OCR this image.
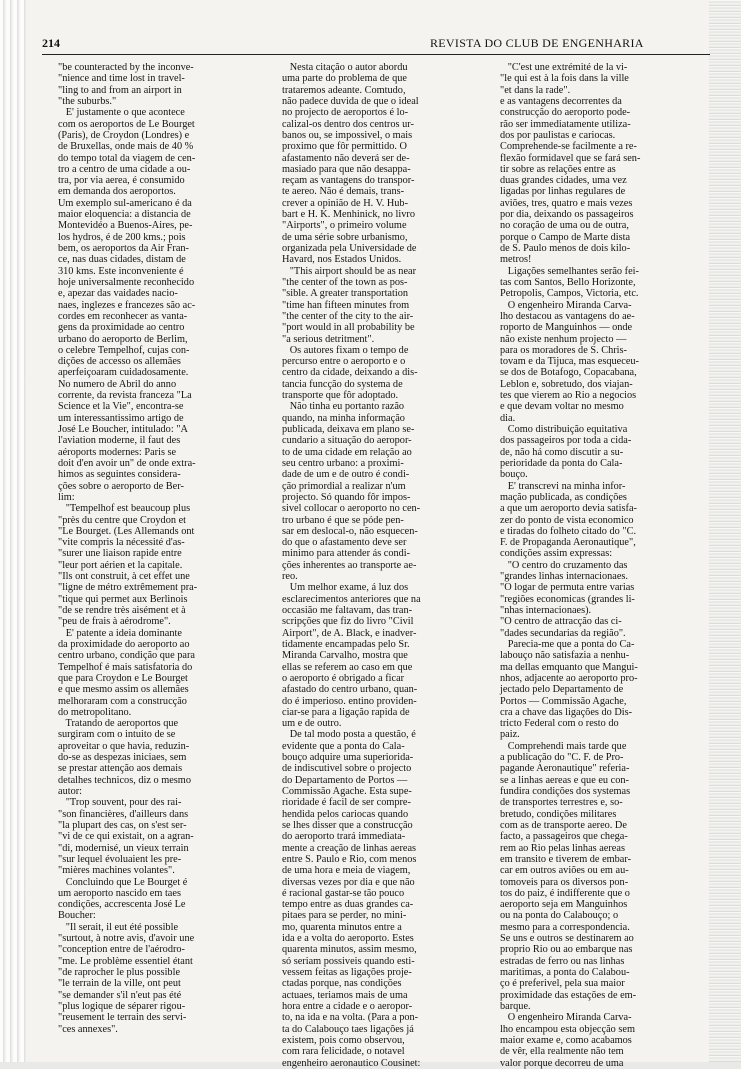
214	REVISTA DO CLUB DE ENGENHARIA

"be counteracted by the inconve-
"nience and time lost in travel-
"ling to and from an airport in
"the suburbs."

E' justamente o que acontece
com os aeroportos de Le Bourget
(Paris), de Croydon (Londres) e
de Bruxellas, onde mais de 40 %
do tempo total da viagem de cen-
tro a centro de uma cidade a ou-
tra, por via aerea, é consumido
em demanda dos aeroportos.
Um exemplo sul-americano é da
maior eloquencia: a distancia de
Montevidéo a Buenos-Aires, pe-
los hydros, é de 200 kms.; pois
bem, os aeroportos da Air Fran-
ce, nas duas cidades, distam de
310 kms. Este inconveniente é
hoje universalmente reconhecido
e, apezar das vaidades nacio-
naes, inglezes e francezes são ac-
cordes em reconhecer as vanta-
gens da proximidade ao centro
urbano do aeroporto de Berlim,
o celebre Tempelhof, cujas con-
dições de accesso os allemães
aperfeiçoaram cuidadosamente.
No numero de Abril do anno
corrente, da revista franceza "La
Science et la Vie", encontra-se
um interessantissimo artigo de
José Le Boucher, intitulado: "A
l'aviation moderne, il faut des
aéroports modernes: Paris se
doit d'en avoir un" de onde extra-
himos as seguintes considera-
ções sobre o aeroporto de Ber-
lim:

"Tempelhof est beaucoup plus
"près du centre que Croydon et
"Le Bourget. (Les Allemands ont
"vite compris la nécessité d'as-
"surer une liaison rapide entre
"leur port aérien et la capitale.
"Ils ont construit, à cet effet une
"ligne de métro extrêmement pra-
"tique qui permet aux Berlinois
"de se rendre très aisément et à
"peu de frais à aérodrome".

E' patente a ideia dominante
da proximidade do aeroporto ao
centro urbano, condição que para
Tempelhof é mais satisfatoria do
que para Croydon e Le Bourget
e que mesmo assim os allemães
melhoraram com a construcção
do metropolitano.

Tratando de aeroportos que
surgiram com o intuito de se
aproveitar o que havia, reduzin-
do-se as despezas iniciaes, sem
se prestar attenção aos demais
detalhes technicos, diz o mesmo
autor:

"Trop souvent, pour des rai-
"son financières, d'ailleurs dans
"la plupart des cas, on s'est ser-
"vi de ce qui existait, on a agran-
"di, modernisé, un vieux terrain
"sur lequel évoluaient les pre-
"mières machines volantes".

Concluindo que Le Bourget é
um aeroporto nascido em taes
condições, accrescenta José Le
Boucher:

"Il serait, il eut été possible
"surtout, à notre avis, d'avoir une
"conception entre de l'aérodro-
"me. Le problème essentiel étant
"de raprocher le plus possible
"le terrain de la ville, ont peut
"se demander s'il n'eut pas été
"plus logique de séparer rigou-
"reusement le terrain des servi-
"ces annexes".

Nesta citação o autor abordu
uma parte do problema de que
trataremos adeante. Comtudo,
não padece duvida de que o ideal
no projecto de aeroportos é lo-
calizal-os dentro dos centros ur-
banos ou, se impossivel, o mais
proximo que fôr permittido. O
afastamento não deverá ser de-
masiado para que não desappa-
reçam as vantagens do transpor-
te aereo. Não é demais, trans-
crever a opinião de H. V. Hub-
bart e H. K. Menhinick, no livro
"Airports", o primeiro volume
de uma série sobre urbanismo,
organizada pela Universidade de
Havard, nos Estados Unidos.

"This airport should be as near
"the center of the town as pos-
"sible. A greater transportation
"time han fifteen minutes from
"the center of the city to the air-
"port would in all probability be
"a serious detritment".

Os autores fixam o tempo de
percurso entre o aeroporto e o
centro da cidade, deixando a dis-
tancia funcção do systema de
transporte que fôr adoptado.

Não tinha eu portanto razão
quando, na minha informação
publicada, deixava em plano se-
cundario a situação do aeropor-
to de uma cidade em relação ao
seu centro urbano: a proximi-
dade de um e de outro é condi-
ção primordial a realizar n'um
projecto. Só quando fôr impos-
sivel collocar o aeroporto no cen-
tro urbano é que se póde pen-
sar em deslocal-o, não esquecen-
do que o afastamento deve ser
minimo para attender ás condi-
ções inherentes ao transporte ae-
reo.

Um melhor exame, á luz dos
esclarecimentos anteriores que na
occasião me faltavam, das tran-
scripções que fiz do livro "Civil
Airport", de A. Black, e inadver-
tidamente encampadas pelo Sr.
Miranda Carvalho, mostra que
ellas se referem ao caso em que
o aeroporto é obrigado a ficar
afastado do centro urbano, quan-
do é imperioso. entino providen-
ciar-se para a ligação rapida de
um e de outro.

De tal modo posta a questão, é
evidente que a ponta do Cala-
bouço adquire uma superiorida-
de indiscutivel sobre o projecto
do Departamento de Portos —
Commissão Agache. Esta supe-
rioridade é facil de ser compre-
hendida pelos cariocas quando
se lhes disser que a construcção
do aeroporto trará immediata-
mente a creação de linhas aereas
entre S. Paulo e Rio, com menos
de uma hora e meia de viagem,
diversas vezes por dia e que não
é racional gastar-se tão pouco
tempo entre as duas grandes ca-
pitaes para se perder, no mini-
mo, quarenta minutos entre a
ida e a volta do aeroporto. Estes
quarenta minutos, assim mesmo,
só seriam possiveis quando esti-
vessem feitas as ligações proje-
ctadas porque, nas condições
actuaes, teriamos mais de uma
hora entre a cidade e o aeropor-
to, na ida e na volta. (Para a pon-
ta do Calabouço taes ligações já
existem, pois como observou,
com rara felicidade, o notavel
engenheiro aeronautico Cousinet:

"C'est une extrémité de la vi-
"le qui est à la fois dans la ville
"et dans la rade".

e as vantagens decorrentes da
construcção do aeroporto pode-
rão ser immediatamente utiliza-
dos por paulistas e cariocas.
Comprehende-se facilmente a re-
flexão formidavel que se fará sen-
tir sobre as relações entre as
duas grandes cidades, uma vez
ligadas por linhas regulares de
aviões, tres, quatro e mais vezes
por dia, deixando os passageiros
no coração de uma ou de outra,
porque o Campo de Marte dista
de S. Paulo menos de dois kilo-
metros!

Ligações semelhantes serão fei-
tas com Santos, Bello Horizonte,
Petropolis, Campos, Victoria, etc.

O engenheiro Miranda Carva-
lho destacou as vantagens do ae-
roporto de Manguinhos — onde
não existe nenhum projecto —
para os moradores de S. Chris-
tovam e da Tijuca, mas esqueceu-
se dos de Botafogo, Copacabana,
Leblon e, sobretudo, dos viajan-
tes que vierem ao Rio a negocios
e que devam voltar no mesmo
dia.

Como distribuição equitativa
dos passageiros por toda a cida-
de, não há como discutir a su-
perioridade da ponta do Cala-
bouço.

E' transcrevi na minha infor-
mação publicada, as condições
a que um aeroporto devia satisfa-
zer do ponto de vista economico
e tiradas do folheto citado do "C.
F. de Propaganda Aeronautique",
condições assim expressas:

"O centro do cruzamento das
"grandes linhas internacionaes.
"O logar de permuta entre varias
"regiões economicas (grandes li-
"nhas internacionaes).
"O centro de attracção das ci-
"dades secundarias da região".

Parecia-me que a ponta do Ca-
labouço não satisfazia a nenhu-
ma dellas emquanto que Mangui-
nhos, adjacente ao aeroporto pro-
jectado pelo Departamento de
Portos — Commissão Agache,
cra a chave das ligações do Dis-
tricto Federal com o resto do
paiz.

Comprehendi mais tarde que
a publicação do "C. F. de Pro-
pagande Aeronautique" referia-
se a linhas aereas e que eu con-
fundira condições dos systemas
de transportes terrestres e, so-
bretudo, condições militares
com as de transporte aereo. De
facto, a passageiros que chega-
rem ao Rio pelas linhas aereas
em transito e tiverem de embar-
car em outros aviões ou em au-
tomoveis para os diversos pon-
tos do paiz, é indifferente que o
aeroporto seja em Manguinhos
ou na ponta do Calabouço; o
mesmo para a correspondencia.
Se uns e outros se destinarem ao
proprio Rio ou ao embarque nas
estradas de ferro ou nas linhas
maritimas, a ponta do Calabou-
ço é preferivel, pela sua maior
proximidade das estações de em-
barque.

O engenheiro Miranda Carva-
lho encampou esta objecção sem
maior exame e, como acabamos
de vêr, ella realmente não tem
valor porque decorreu de uma
